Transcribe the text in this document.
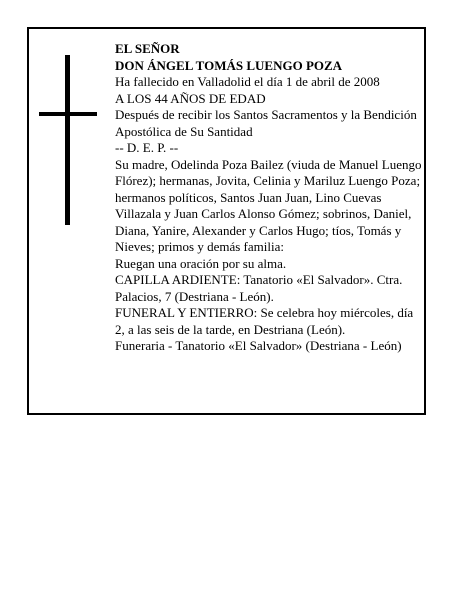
EL SEÑOR

DON ÁNGEL TOMÁS LUENGO POZA

Ha fallecido en Valladolid el día 1 de abril de 2008

A LOS 44 AÑOS DE EDAD

Después de recibir los Santos Sacramentos y la Bendición Apostólica de Su Santidad

-- D. E. P. --

Su madre, Odelinda Poza Bailez (viuda de Manuel Luengo Flórez); hermanas, Jovita, Celinia y Mariluz Luengo Poza; hermanos políticos, Santos Juan Juan, Lino Cuevas Villazala y Juan Carlos Alonso Gómez; sobrinos, Daniel, Diana, Yanire, Alexander y Carlos Hugo; tíos, Tomás y Nieves; primos y demás familia:

Ruegan una oración por su alma.

CAPILLA ARDIENTE: Tanatorio «El Salvador». Ctra. Palacios, 7 (Destriana - León).

FUNERAL Y ENTIERRO: Se celebra hoy miércoles, día 2, a las seis de la tarde, en Destriana (León).

Funeraria - Tanatorio «El Salvador» (Destriana - León)
